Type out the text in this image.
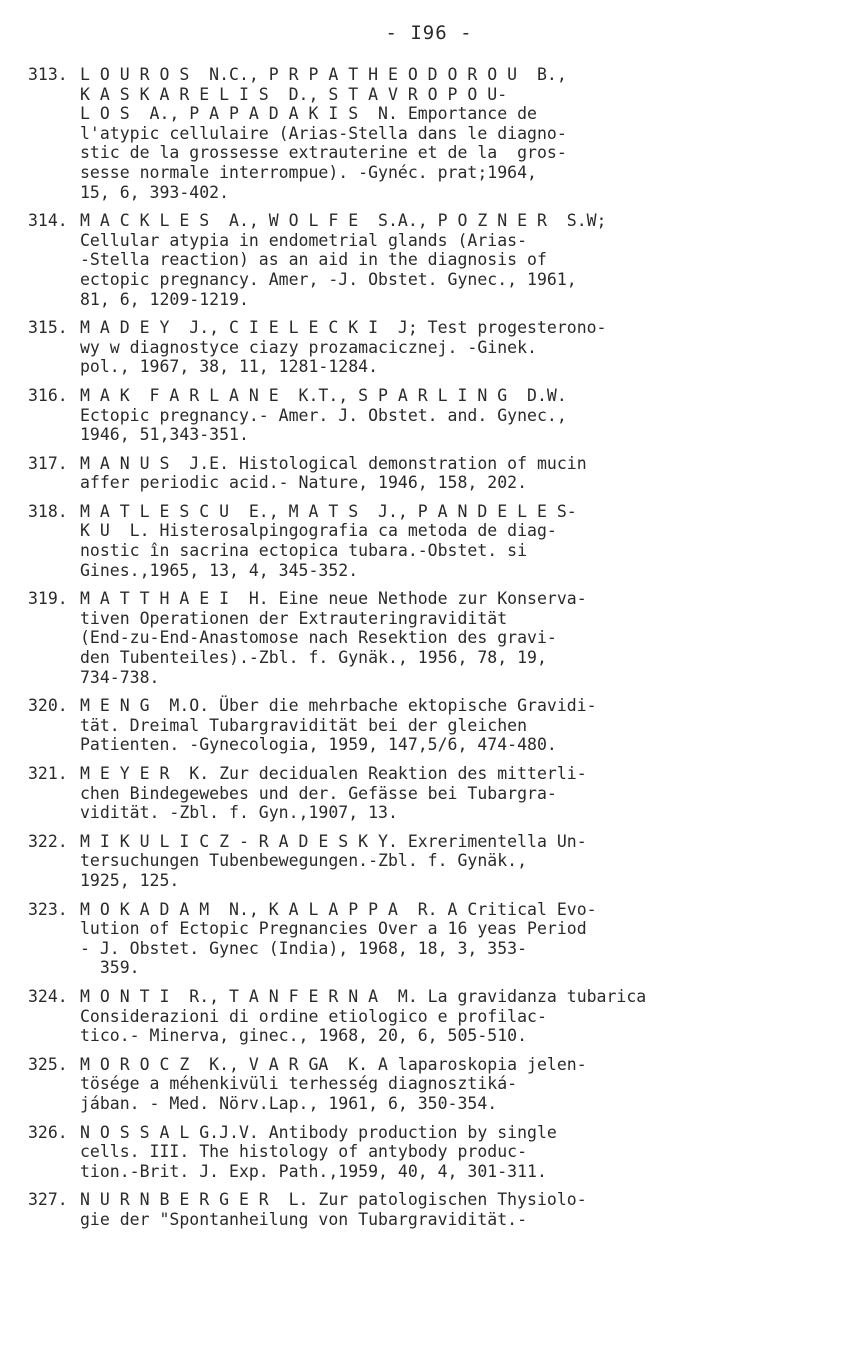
- I96 -
313. L O U R O S  N.C., P R P A T H E O D O R O U  B.,
K A S K A R E L I S  D., S T A V R O P O U-
L O S  A., P A P A D A K I S  N. Emportance de
l'atypic cellulaire (Arias-Stella dans le diagno-
stic de la grossesse extrauterine et de la  gros-
sesse normale interrompue). -Gynéc. prat;1964,
15, 6, 393-402.
314. M A C K L E S  A., W O L F E  S.A., P O Z N E R  S.W;
Cellular atypia in endometrial glands (Arias-
-Stella reaction) as an aid in the diagnosis of
ectopic pregnancy. Amer, -J. Obstet. Gynec., 1961,
81, 6, 1209-1219.
315. M A D E Y  J., C I E L E C K I  J; Test progesterono-
wy w diagnostyce ciazy prozamacicznej. -Ginek.
pol., 1967, 38, 11, 1281-1284.
316. M A K  F A R L A N E  K.T., S P A R L I N G  D.W.
Ectopic pregnancy.- Amer. J. Obstet. and. Gynec.,
1946, 51,343-351.
317. M A N U S  J.E. Histological demonstration of mucin
affer periodic acid.- Nature, 1946, 158, 202.
318. M A T L E S C U  E., M A T S  J., P A N D E L E S-
K U  L. Histerosalpingografia ca metoda de diag-
nostic în sacrina ectopica tubara.-Obstet. si
Gines.,1965, 13, 4, 345-352.
319. M A T T H A E I  H. Eine neue Nethode zur Konserva-
tiven Operationen der Extrauteringravidität
(End-zu-End-Anastomose nach Resektion des gravi-
den Tubenteiles).-Zbl. f. Gynäk., 1956, 78, 19,
734-738.
320. M E N G  M.O. Über die mehrbache ektopische Gravidi-
tät. Dreimal Tubargravidität bei der gleichen
Patienten. -Gynecologia, 1959, 147,5/6, 474-480.
321. M E Y E R  K. Zur decidualen Reaktion des mitterli-
chen Bindegewebes und der. Gefässe bei Tubargra-
vidität. -Zbl. f. Gyn.,1907, 13.
322. M I K U L I C Z - R A D E S K Y. Exrerimentella Un-
tersuchungen Tubenbewegungen.-Zbl. f. Gynäk.,
1925, 125.
323. M O K A D A M  N., K A L A P P A  R. A Critical Evo-
lution of Ectopic Pregnancies Over a 16 yeas Period
- J. Obstet. Gynec (India), 1968, 18, 3, 353-
359.
324. M O N T I  R., T A N F E R N A  M. La gravidanza tubarica
Considerazioni di ordine etiologico e profilac-
tico.- Minerva, ginec., 1968, 20, 6, 505-510.
325. M O R O C Z  K., V A R GA  K. A laparoskopia jelen-
tösége a méhenkivüli terhesség diagnosztiká-
jában. - Med. Nörv.Lap., 1961, 6, 350-354.
326. N O S S A L G.J.V. Antibody production by single
cells. III. The histology of antybody produc-
tion.-Brit. J. Exp. Path.,1959, 40, 4, 301-311.
327. N U R N B E R G E R  L. Zur patologischen Thysiolo-
gie der "Spontanheilung von Tubargravidität.-
